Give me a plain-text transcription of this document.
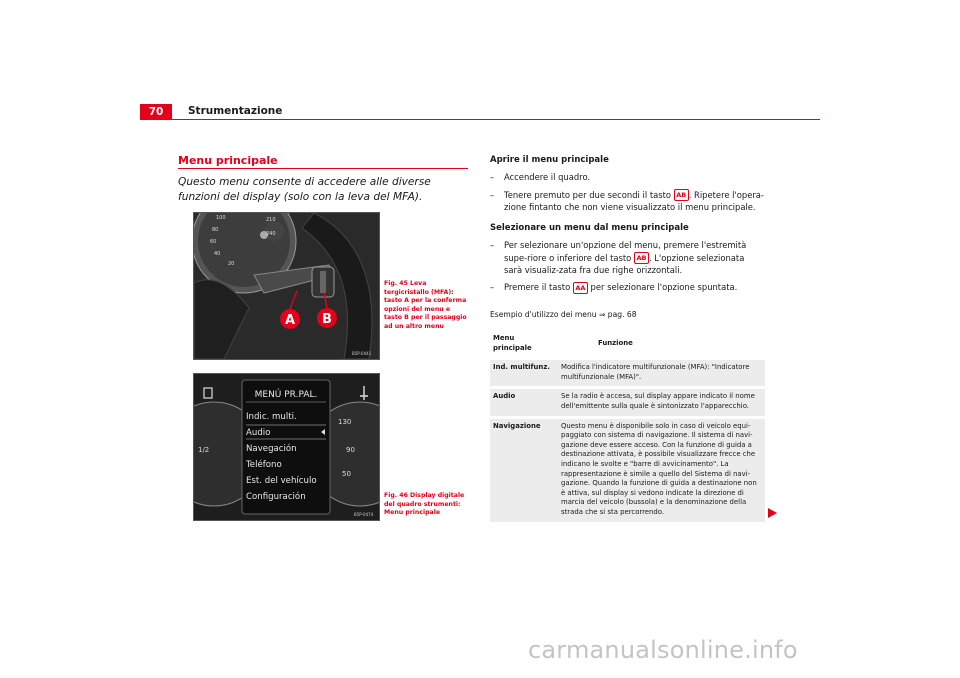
70	Strumentazione
Menu principale
Questo menu consente di accedere alle diverse funzioni del display (solo con la leva del MFA).
100
80
60
40
20
210
240
A B
B5P-0441
Fig. 45 Leva tergicristallo (MFA): tasto A per la conferma opzioni del menu e tasto B per il passaggio ad un altro menu
1/2
130
90
50
MENÚ PR.PAL.
Indic. multi.
Audio
Navegación
Teléfono
Est. del vehículo
Configuración
B5P-0474
Fig. 46 Display digitale del quadro strumenti: Menu principale
Aprire il menu principale
– Accendere il quadro.
– Tenere premuto per due secondi il tasto AB . Ripetere l'opera-zione fintanto che non viene visualizzato il menu principale.
Selezionare un menu dal menu principale
– Per selezionare un'opzione del menu, premere l'estremità supe-riore o inferiore del tasto AB . L'opzione selezionata sarà visualiz-zata fra due righe orizzontali.
– Premere il tasto AA per selezionare l'opzione spuntata.
Esempio d'utilizzo dei menu ⇒ pag. 68
Menu principale	Funzione
Ind. multifunz.	Modifica l'indicatore multifunzionale (MFA): "Indicatore multifunzionale (MFA)".
Audio	Se la radio è accesa, sul display appare indicato il nome dell'emittente sulla quale è sintonizzato l'apparecchio.
Navigazione	Questo menu è disponibile solo in caso di veicolo equi-paggiato con sistema di navigazione. Il sistema di navi-gazione deve essere acceso. Con la funzione di guida a destinazione attivata, è possibile visualizzare frecce che indicano le svolte e "barre di avvicinamento". La rappresentazione è simile a quello del Sistema di navi-gazione. Quando la funzione di guida a destinazione non è attiva, sul display si vedono indicate la direzione di marcia del veicolo (bussola) e la denominazione della strada che si sta percorrendo.
carmanualsonline.info
